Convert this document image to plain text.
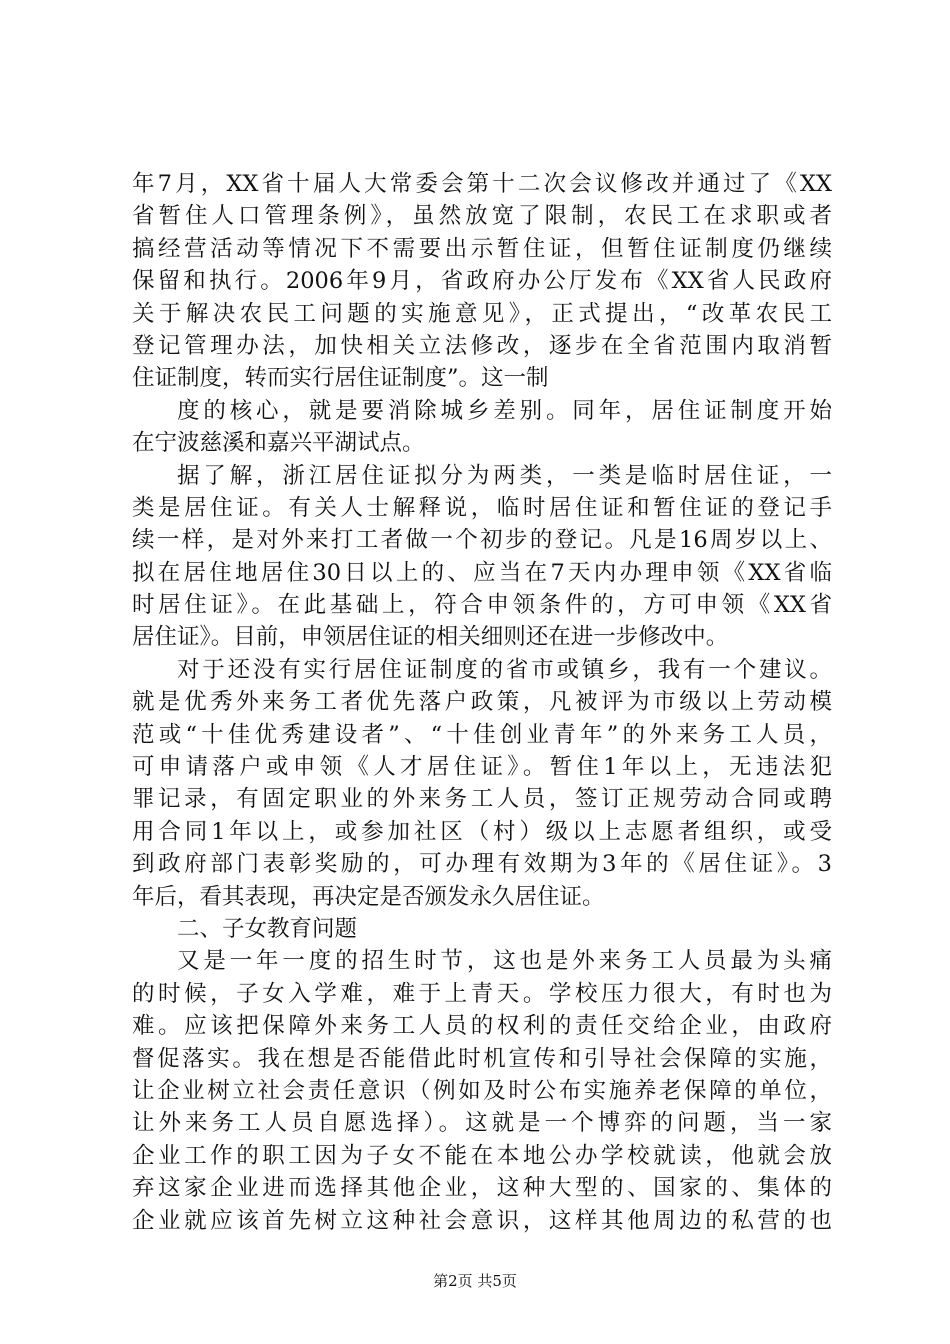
年7月，XX省十届人大常委会第十二次会议修改并通过了《XX
省暂住人口管理条例》，虽然放宽了限制，农民工在求职或者
搞经营活动等情况下不需要出示暂住证，但暂住证制度仍继续
保留和执行。2006年9月，省政府办公厅发布《XX省人民政府
关于解决农民工问题的实施意见》，正式提出，“改革农民工
登记管理办法，加快相关立法修改，逐步在全省范围内取消暂
住证制度，转而实行居住证制度”。这一制
度的核心，就是要消除城乡差别。同年，居住证制度开始
在宁波慈溪和嘉兴平湖试点。
据了解，浙江居住证拟分为两类，一类是临时居住证，一
类是居住证。有关人士解释说，临时居住证和暂住证的登记手
续一样，是对外来打工者做一个初步的登记。凡是16周岁以上、
拟在居住地居住30日以上的、应当在7天内办理申领《XX省临
时居住证》。在此基础上，符合申领条件的，方可申领《XX省
居住证》。目前，申领居住证的相关细则还在进一步修改中。
对于还没有实行居住证制度的省市或镇乡，我有一个建议。
就是优秀外来务工者优先落户政策，凡被评为市级以上劳动模
范或“十佳优秀建设者”、“十佳创业青年”的外来务工人员，
可申请落户或申领《人才居住证》。暂住1年以上，无违法犯
罪记录，有固定职业的外来务工人员，签订正规劳动合同或聘
用合同1年以上，或参加社区（村）级以上志愿者组织，或受
到政府部门表彰奖励的，可办理有效期为3年的《居住证》。3
年后，看其表现，再决定是否颁发永久居住证。
二、子女教育问题
又是一年一度的招生时节，这也是外来务工人员最为头痛
的时候，子女入学难，难于上青天。学校压力很大，有时也为
难。应该把保障外来务工人员的权利的责任交给企业，由政府
督促落实。我在想是否能借此时机宣传和引导社会保障的实施，
让企业树立社会责任意识（例如及时公布实施养老保障的单位，
让外来务工人员自愿选择）。这就是一个博弈的问题，当一家
企业工作的职工因为子女不能在本地公办学校就读，他就会放
弃这家企业进而选择其他企业，这种大型的、国家的、集体的
企业就应该首先树立这种社会意识，这样其他周边的私营的也
第2页 共5页
